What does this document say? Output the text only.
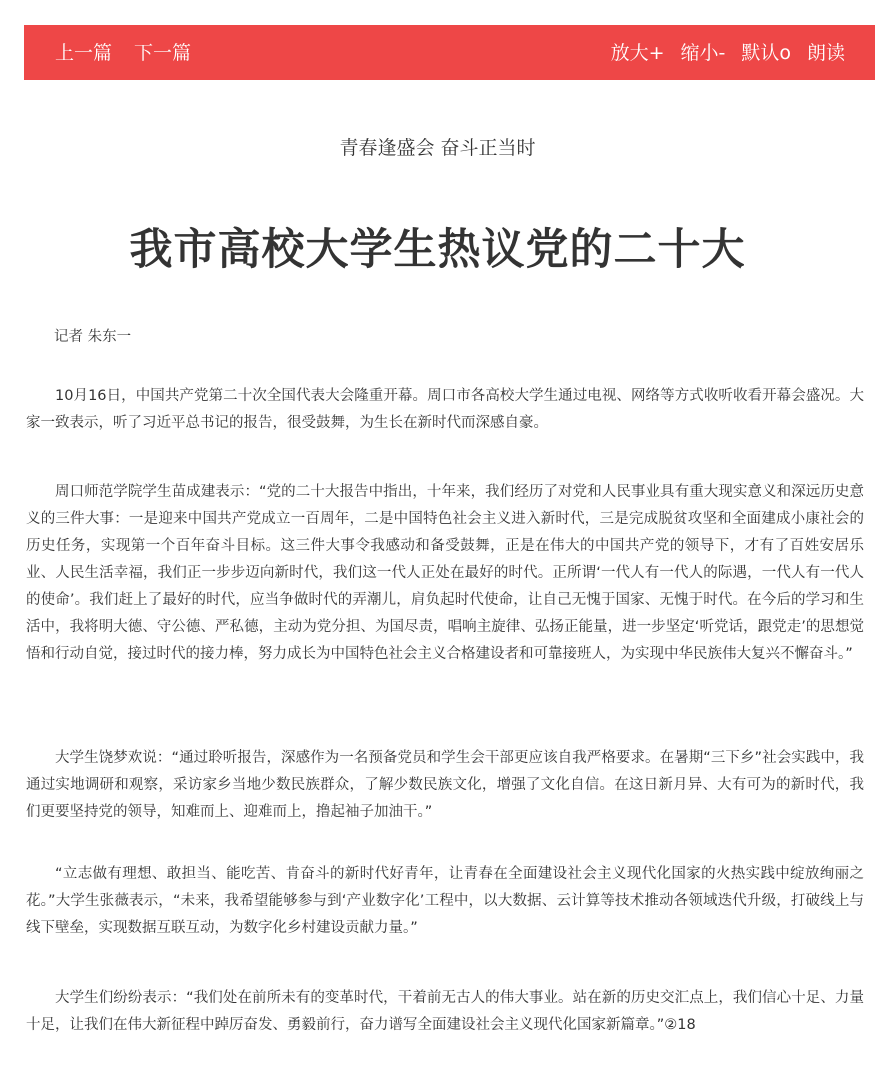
上一篇 下一篇	放大+ 缩小- 默认o 朗读
青春逢盛会 奋斗正当时
我市高校大学生热议党的二十大
记者 朱东一

10月16日，中国共产党第二十次全国代表大会隆重开幕。周口市各高校大学生通过电视、网络等方式收听收看开幕会盛况。大家一致表示，听了习近平总书记的报告，很受鼓舞，为生长在新时代而深感自豪。

周口师范学院学生苗成建表示：“党的二十大报告中指出，十年来，我们经历了对党和人民事业具有重大现实意义和深远历史意义的三件大事：一是迎来中国共产党成立一百周年，二是中国特色社会主义进入新时代，三是完成脱贫攻坚和全面建成小康社会的历史任务，实现第一个百年奋斗目标。这三件大事令我感动和备受鼓舞，正是在伟大的中国共产党的领导下，才有了百姓安居乐业、人民生活幸福，我们正一步步迈向新时代，我们这一代人正处在最好的时代。正所谓‘一代人有一代人的际遇，一代人有一代人的使命’。我们赶上了最好的时代，应当争做时代的弄潮儿，肩负起时代使命，让自己无愧于国家、无愧于时代。在今后的学习和生活中，我将明大德、守公德、严私德，主动为党分担、为国尽责，唱响主旋律、弘扬正能量，进一步坚定‘听党话，跟党走’的思想觉悟和行动自觉，接过时代的接力棒，努力成长为中国特色社会主义合格建设者和可靠接班人，为实现中华民族伟大复兴不懈奋斗。”

大学生饶梦欢说：“通过聆听报告，深感作为一名预备党员和学生会干部更应该自我严格要求。在暑期“三下乡”社会实践中，我通过实地调研和观察，采访家乡当地少数民族群众，了解少数民族文化，增强了文化自信。在这日新月异、大有可为的新时代，我们更要坚持党的领导，知难而上、迎难而上，撸起袖子加油干。”

“立志做有理想、敢担当、能吃苦、肯奋斗的新时代好青年，让青春在全面建设社会主义现代化国家的火热实践中绽放绚丽之花。”大学生张薇表示，“未来，我希望能够参与到‘产业数字化’工程中，以大数据、云计算等技术推动各领域迭代升级，打破线上与线下壁垒，实现数据互联互动，为数字化乡村建设贡献力量。”

大学生们纷纷表示：“我们处在前所未有的变革时代，干着前无古人的伟大事业。站在新的历史交汇点上，我们信心十足、力量十足，让我们在伟大新征程中踔厉奋发、勇毅前行，奋力谱写全面建设社会主义现代化国家新篇章。”②18
